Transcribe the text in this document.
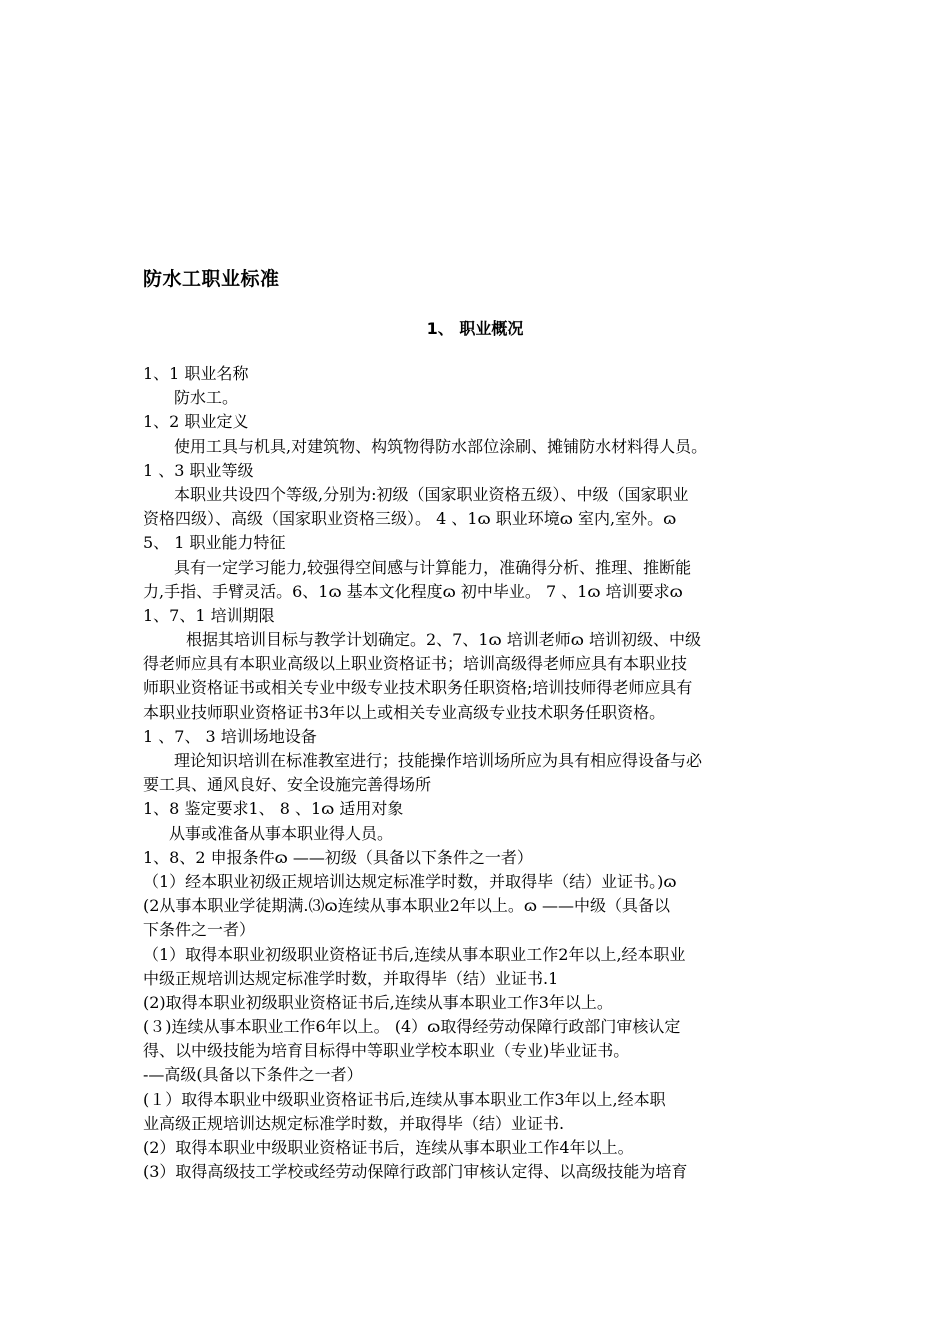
防水工职业标准
1、 职业概况
1、1 职业名称
防水工。
1、2 职业定义
使用工具与机具,对建筑物、构筑物得防水部位涂刷、摊铺防水材料得人员。
1 、3 职业等级
本职业共设四个等级,分别为:初级（国家职业资格五级）、中级（国家职业
资格四级）、高级（国家职业资格三级）。 4 、1ɷ 职业环境ɷ 室内,室外。ɷ
5、 1 职业能力特征
具有一定学习能力,较强得空间感与计算能力，准确得分析、推理、推断能
力,手指、手臂灵活。6、1ɷ 基本文化程度ɷ 初中毕业。 7 、1ɷ 培训要求ɷ
1、7、1 培训期限
根据其培训目标与教学计划确定。2、7、1ɷ 培训老师ɷ 培训初级、中级
得老师应具有本职业高级以上职业资格证书；培训高级得老师应具有本职业技
师职业资格证书或相关专业中级专业技术职务任职资格;培训技师得老师应具有
本职业技师职业资格证书3年以上或相关专业高级专业技术职务任职资格。
1 、7、 3 培训场地设备
理论知识培训在标准教室进行；技能操作培训场所应为具有相应得设备与必
要工具、通风良好、安全设施完善得场所
1、8 鉴定要求1、 8 、1ɷ 适用对象
从事或准备从事本职业得人员。
1、8、2 申报条件ɷ ——初级（具备以下条件之一者）
（1）经本职业初级正规培训达规定标准学时数，并取得毕（结）业证书。)ɷ
(2从事本职业学徒期满.⑶ɷ连续从事本职业2年以上。ɷ ——中级（具备以
下条件之一者）
（1）取得本职业初级职业资格证书后,连续从事本职业工作2年以上,经本职业
中级正规培训达规定标准学时数，并取得毕（结）业证书.1
(2)取得本职业初级职业资格证书后,连续从事本职业工作3年以上。
(３)连续从事本职业工作6年以上。 (4）ɷ取得经劳动保障行政部门审核认定
得、以中级技能为培育目标得中等职业学校本职业（专业)毕业证书。
-—高级(具备以下条件之一者）
(１）取得本职业中级职业资格证书后,连续从事本职业工作3年以上,经本职
业高级正规培训达规定标准学时数，并取得毕（结）业证书.
(2）取得本职业中级职业资格证书后，连续从事本职业工作4年以上。
(3）取得高级技工学校或经劳动保障行政部门审核认定得、以高级技能为培育
